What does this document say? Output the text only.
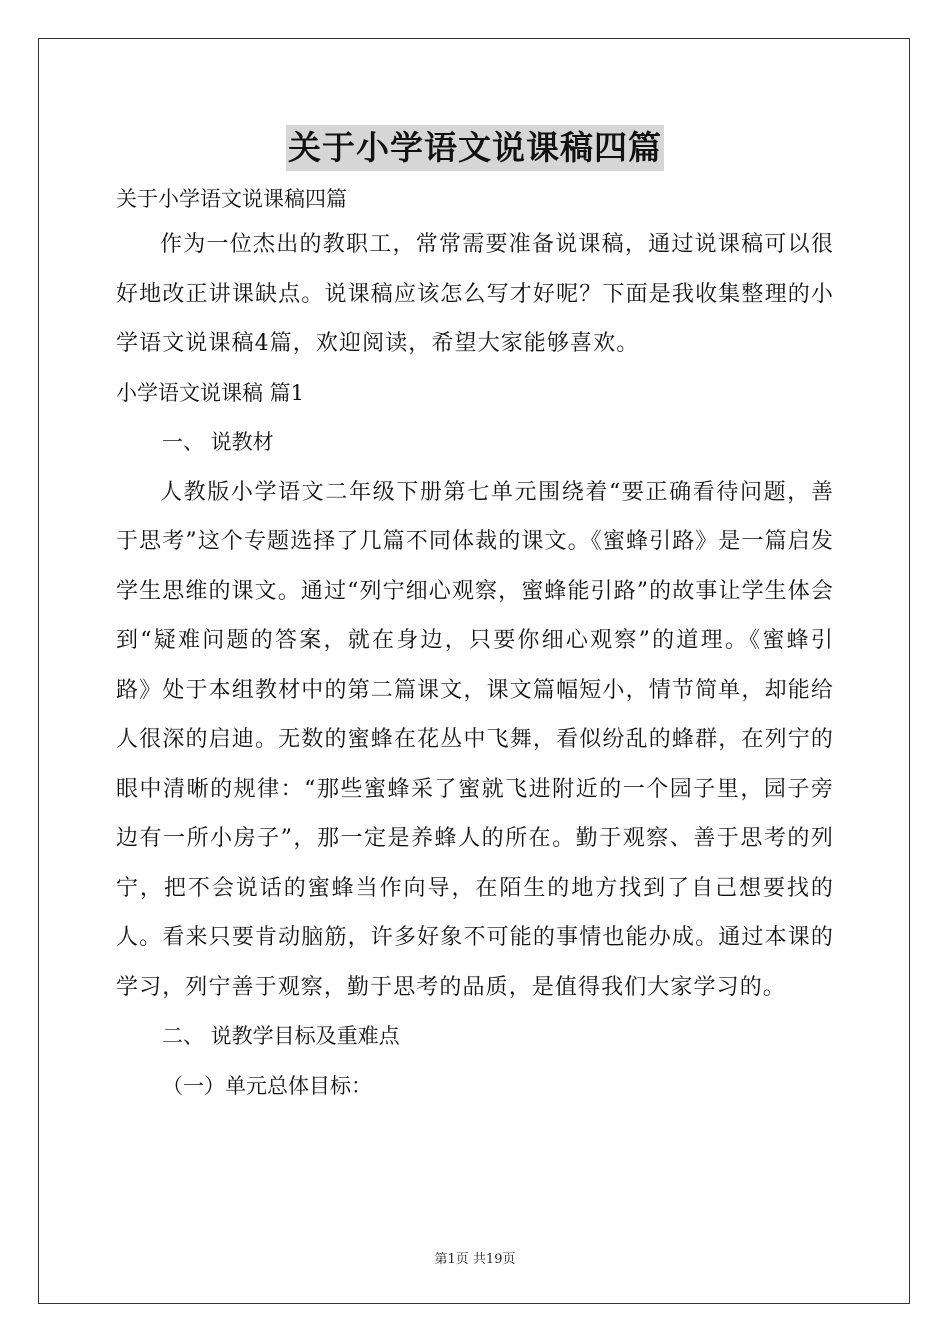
关于小学语文说课稿四篇
关于小学语文说课稿四篇

作为一位杰出的教职工，常常需要准备说课稿，通过说课稿可以很好地改正讲课缺点。说课稿应该怎么写才好呢？下面是我收集整理的小学语文说课稿4篇，欢迎阅读，希望大家能够喜欢。

小学语文说课稿 篇1
一、 说教材

人教版小学语文二年级下册第七单元围绕着“要正确看待问题，善于思考”这个专题选择了几篇不同体裁的课文。《蜜蜂引路》是一篇启发学生思维的课文。通过“列宁细心观察，蜜蜂能引路”的故事让学生体会到“疑难问题的答案，就在身边，只要你细心观察”的道理。《蜜蜂引路》处于本组教材中的第二篇课文，课文篇幅短小，情节简单，却能给人很深的启迪。无数的蜜蜂在花丛中飞舞，看似纷乱的蜂群，在列宁的眼中清晰的规律：“那些蜜蜂采了蜜就飞进附近的一个园子里，园子旁边有一所小房子”，那一定是养蜂人的所在。勤于观察、善于思考的列宁，把不会说话的蜜蜂当作向导，在陌生的地方找到了自己想要找的人。看来只要肯动脑筋，许多好象不可能的事情也能办成。通过本课的学习，列宁善于观察，勤于思考的品质，是值得我们大家学习的。

二、 说教学目标及重难点
（一）单元总体目标：
第1页 共19页
